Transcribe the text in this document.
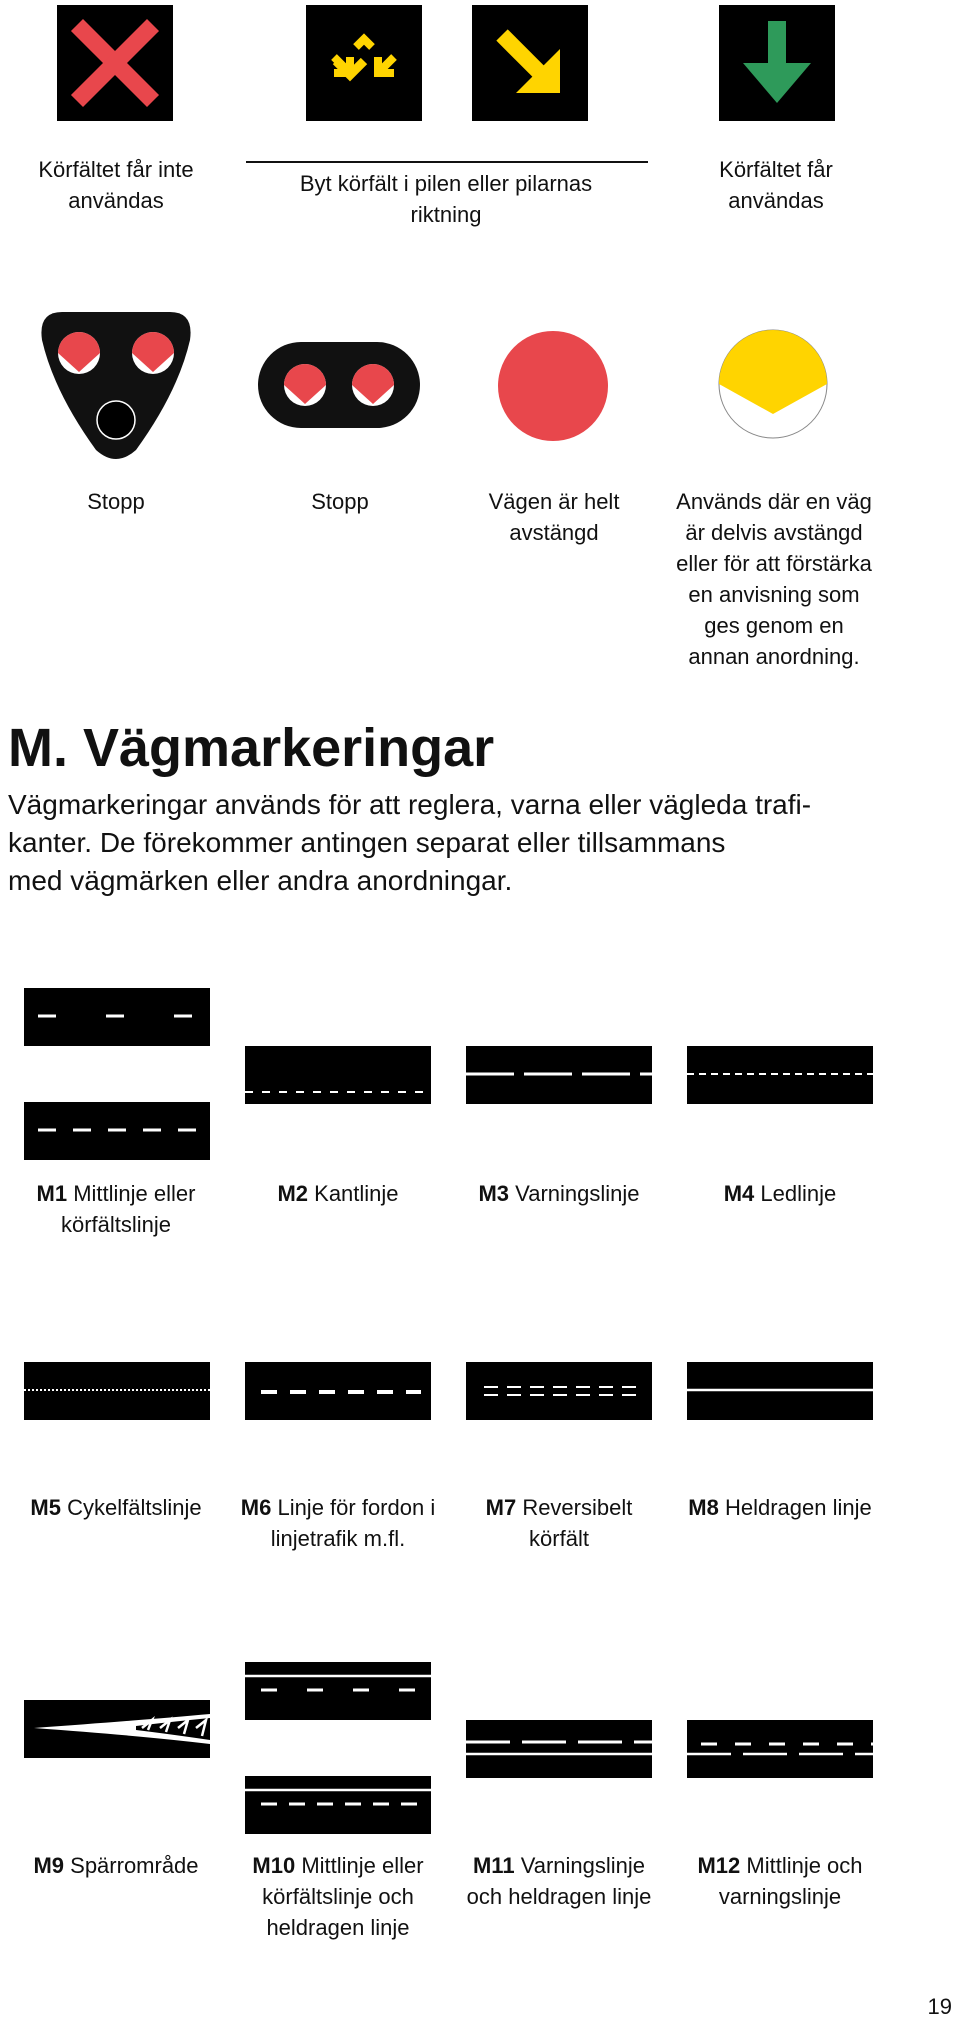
Körfältet får inte användas
Byt körfält i pilen eller pilarnas riktning
Körfältet får användas
Stopp	Stopp	Vägen är helt avstängd
Används där en väg är delvis avstängd eller för att förstärka en anvisning som ges genom en annan anordning.
M. Vägmarkeringar
Vägmarkeringar används för att reglera, varna eller vägleda trafi-
kanter. De förekommer antingen separat eller tillsammans
med vägmärken eller andra anordningar.
M1 Mittlinje eller körfältslinje
M2 Kantlinje	M3 Varningslinje	M4 Ledlinje
M5 Cykelfältslinje	M6 Linje för fordon i linjetrafik m.fl.
M7 Reversibelt körfält
M8 Heldragen linje
M9 Spärrområde	M10 Mittlinje eller körfältslinje och heldragen linje
M11 Varningslinje och heldragen linje
M12 Mittlinje och varningslinje
19
